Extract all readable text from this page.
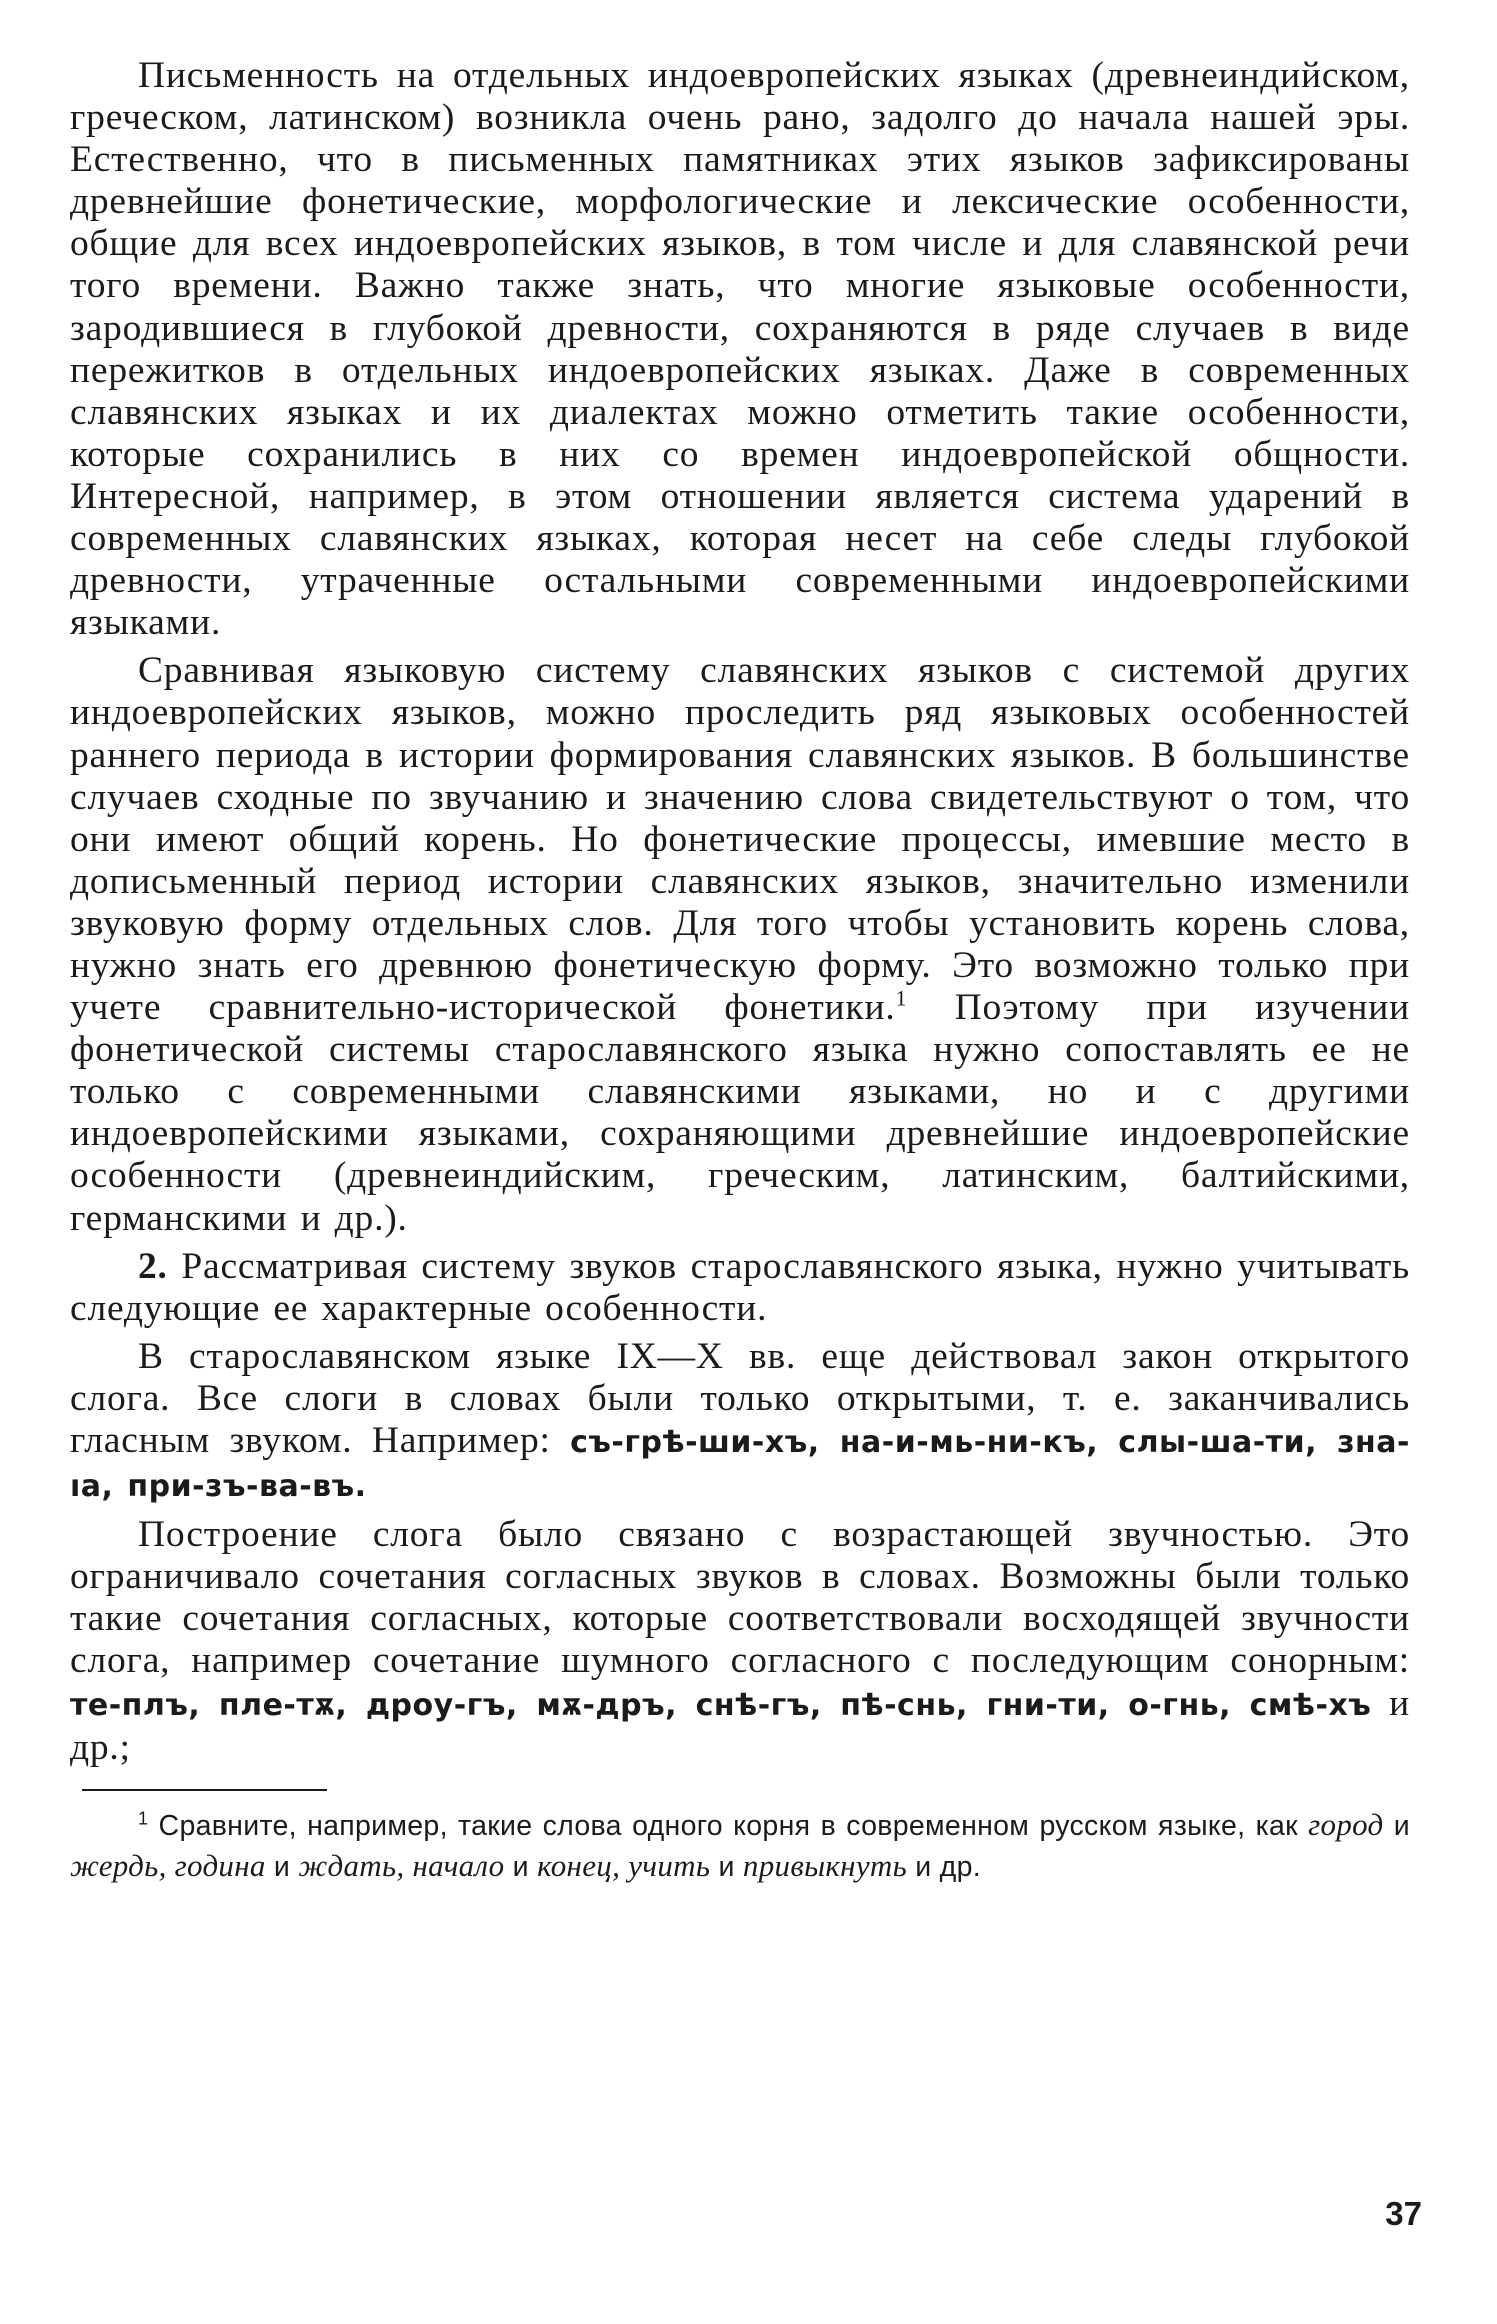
Письменность на отдельных индоевропейских языках (древнеиндийском, греческом, латинском) возникла очень рано, задолго до начала нашей эры. Естественно, что в письменных памятниках этих языков зафиксированы древнейшие фонетические, морфологические и лексические особенности, общие для всех индоевропейских языков, в том числе и для славянской речи того времени. Важно также знать, что многие языковые особенности, зародившиеся в глубокой древности, сохраняются в ряде случаев в виде пережитков в отдельных индоевропейских языках. Даже в современных славянских языках и их диалектах можно отметить такие особенности, которые сохранились в них со времен индоевропейской общности. Интересной, например, в этом отношении является система ударений в современных славянских языках, которая несет на себе следы глубокой древности, утраченные остальными современными индоевропейскими языками.

Сравнивая языковую систему славянских языков с системой других индоевропейских языков, можно проследить ряд языковых особенностей раннего периода в истории формирования славянских языков. В большинстве случаев сходные по звучанию и значению слова свидетельствуют о том, что они имеют общий корень. Но фонетические процессы, имевшие место в дописьменный период истории славянских языков, значительно изменили звуковую форму отдельных слов. Для того чтобы установить корень слова, нужно знать его древнюю фонетическую форму. Это возможно только при учете сравнительно-исторической фонетики.$^1$ Поэтому при изучении фонетической системы старославянского языка нужно сопоставлять ее не только с современными славянскими языками, но и с другими индоевропейскими языками, сохраняющими древнейшие индоевропейские особенности (древнеиндийским, греческим, латинским, балтийскими, германскими и др.).

2. Рассматривая систему звуков старославянского языка, нужно учитывать следующие ее характерные особенности.

В старославянском языке IX—X вв. еще действовал закон открытого слога. Все слоги в словах были только открытыми, т. е. заканчивались гласным звуком. Например: съ-грѣ-ши-хъ, на-и-мь-ни-къ, слы-ша-ти, зна-ıа, при-зъ-ва-въ.

Построение слога было связано с возрастающей звучностью. Это ограничивало сочетания согласных звуков в словах. Возможны были только такие сочетания согласных, которые соответствовали восходящей звучности слога, например сочетание шумного согласного с последующим сонорным: те-плъ, пле-тѫ, дроу-гъ, мѫ-дръ, снѣ-гъ, пѣ-снь, гни-ти, о-гнь, смѣ-хъ и др.;

$^1$ Сравните, например, такие слова одного корня в современном русском языке, как город и жердь, година и ждать, начало и конец, учить и привыкнуть и др.

37
